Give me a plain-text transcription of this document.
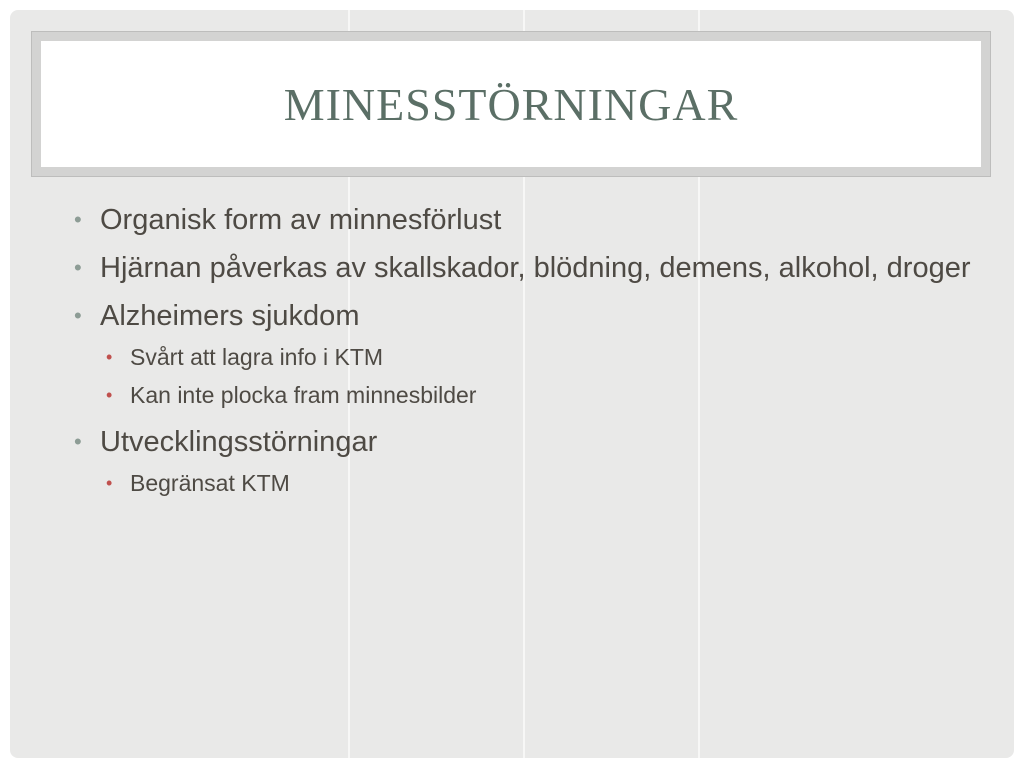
MINESSTÖRNINGAR
• Organisk form av minnesförlust
• Hjärnan påverkas av skallskador, blödning, demens, alkohol, droger
• Alzheimers sjukdom
• Svårt att lagra info i KTM
• Kan inte plocka fram minnesbilder
• Utvecklingsstörningar
• Begränsat KTM
